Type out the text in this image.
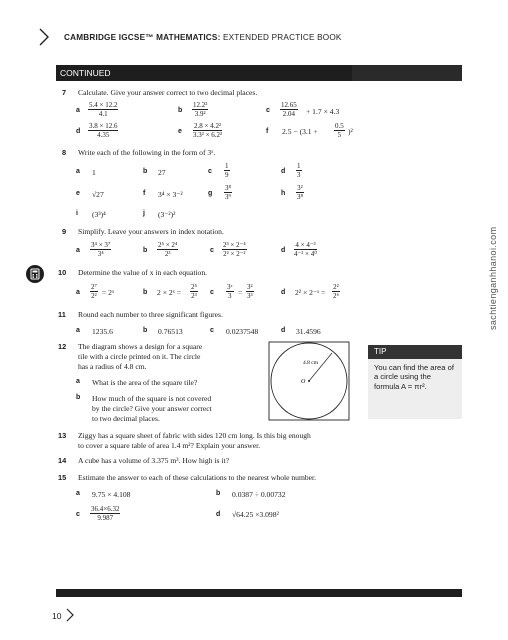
CAMBRIDGE IGCSE™ MATHEMATICS: EXTENDED PRACTICE BOOK
CONTINUED
sachtienganhhanoi.com
7 Calculate. Give your answer correct to two decimal places.
a $\frac{5.4 \times 12.2}{4.1}$	b $\frac{\text{12.2²}}{\text{3.9²}}$	c $\frac{12.65}{2.04} + 1.7 \times 4.3$
d $\frac{3.8 \times 12.6}{4.35}$	e $\frac{\text{2.8 × 4.2²}}{\text{3.3² × 6.2²}}$	f $2.5 - (3.1 + \frac{0.5}{5} )^2$
8 Write each of the following in the form of 3ˣ.
a 1	b 27	c $\frac{1}{9}$	d $\frac{1}{3}$
e √27	f 3⁴ × 3⁻²	g $\frac{\text{3⁸}}{\text{3⁹}}$	h $\frac{\text{3²}}{\text{3⁸}}$
i (3³)⁴	j (3⁻²)²
9 Simplify. Leave your answers in index notation.
a $\frac{\text{3⁴ × 3⁷}}{\text{3⁴}}$	b $\frac{\text{2⁵ × 2⁴}}{\text{2³}}$	c $\frac{\text{2³ × 2⁻⁴}}{\text{2² × 2⁻²}}$	d $\frac{\text{4 × 4⁻³}}{\text{4⁻² × 4⁰}}$
10 Determine the value of x in each equation.
a $\frac{\text{2⁷}}{\text{2²}}$ = 2ˣ	b 2 × 2ˣ = $\frac{\text{2⁵}}{\text{2³}}$ c $\frac{\text{3ˣ}}{3} = \frac{\text{3²}}{\text{3³}}$	d 2² × 2⁻ˣ = $\frac{\text{2²}}{\text{2⁶}}$
11 Round each number to three significant figures.
a 1235.6	b 0.76513	c 0.0237548	d 31.4596
12 The diagram shows a design for a square
tile with a circle printed on it. The circle
has a radius of 4.8 cm.
a What is the area of the square tile?
b How much of the square is not covered
by the circle? Give your answer correct
to two decimal places.
4.8 cm
O
TIP
You can find the area of a circle using the formula A = πr².
13 Ziggy has a square sheet of fabric with sides 120 cm long. Is this big enough
to cover a square table of area 1.4 m²? Explain your answer.
14 A cube has a volume of 3.375 m³. How high is it?
15 Estimate the answer to each of these calculations to the nearest whole number.
a 9.75 × 4.108	b 0.0387 ÷ 0.00732
c $\frac{36.4\times 6.32}{9.987}$	d √64.25 ×3.098²
10
